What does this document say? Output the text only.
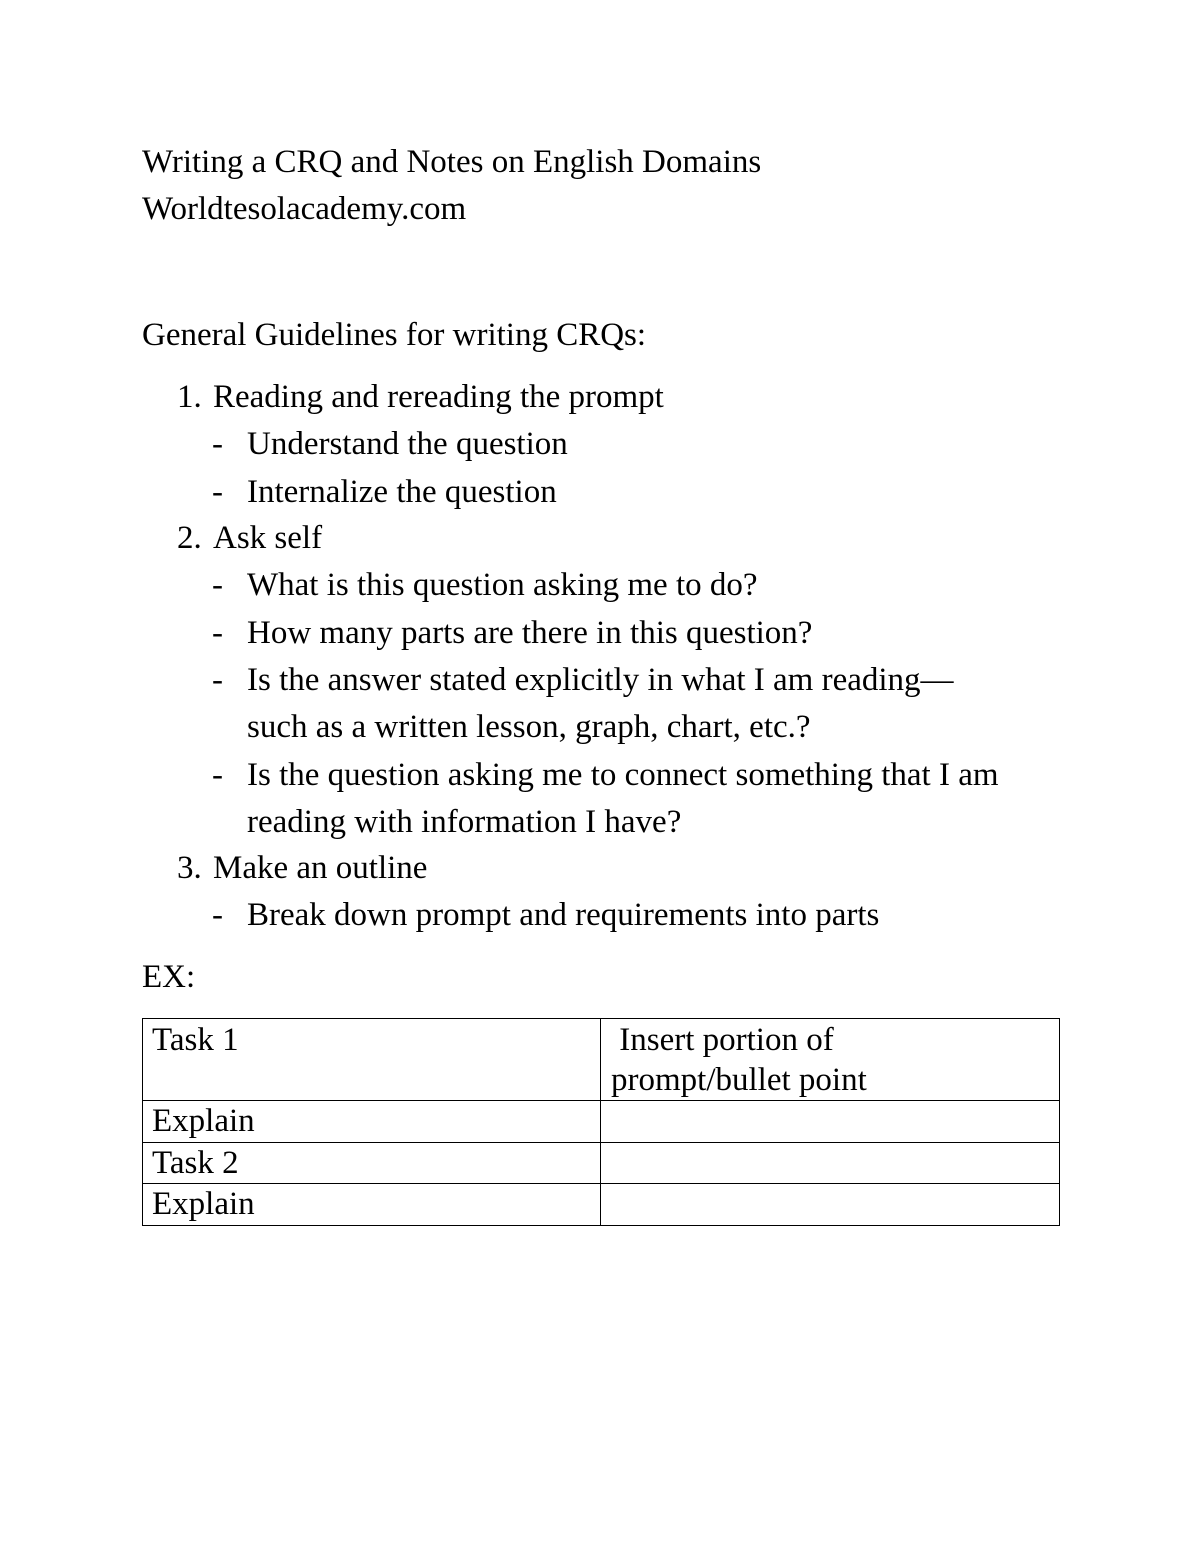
Writing a CRQ and Notes on English Domains
Worldtesolacademy.com
General Guidelines for writing CRQs:
1. Reading and rereading the prompt
- Understand the question
- Internalize the question
2. Ask self
- What is this question asking me to do?
- How many parts are there in this question?
- Is the answer stated explicitly in what I am reading—
such as a written lesson, graph, chart, etc.?
- Is the question asking me to connect something that I am
reading with information I have?
3. Make an outline
- Break down prompt and requirements into parts
EX:
Task 1	Insert portion of
prompt/bullet point

Explain	
Task 2	
Explain	
